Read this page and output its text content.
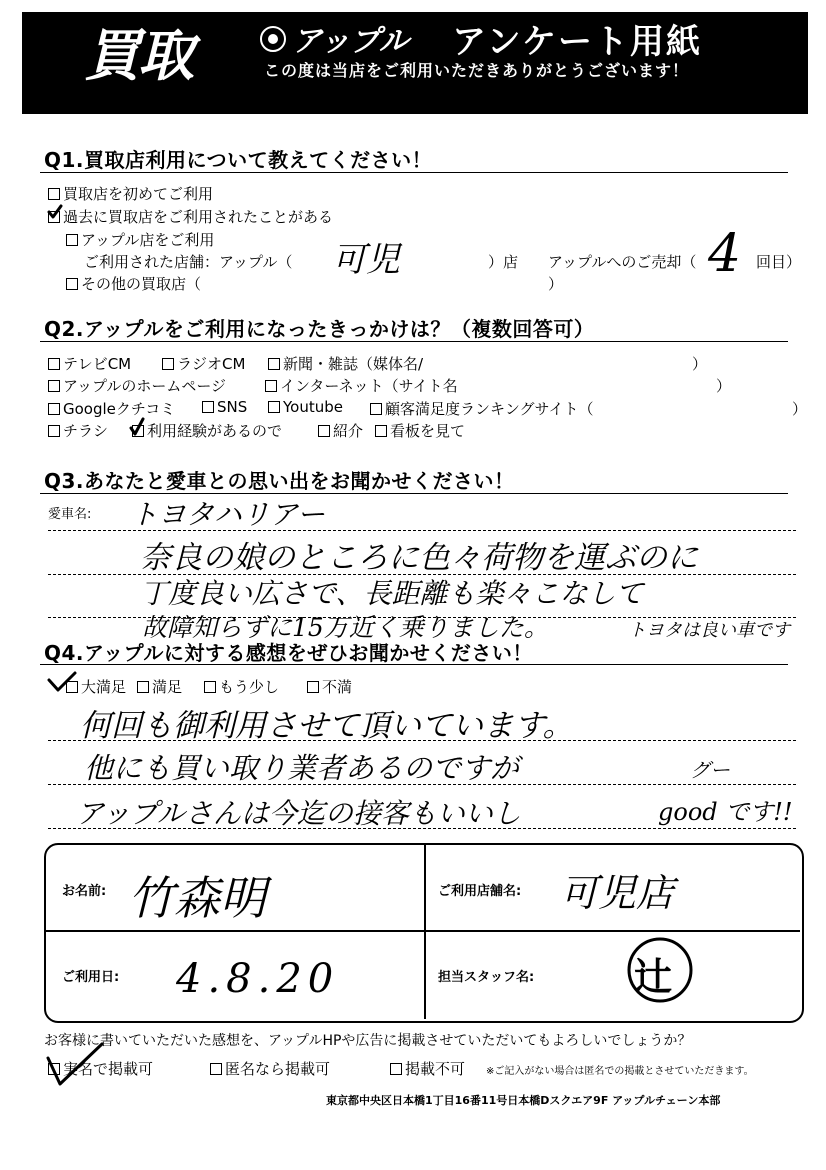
買取	アップル アンケート用紙
この度は当店をご利用いただきありがとうございます！
Q1.買取店利用について教えてください！
買取店を初めてご利用
過去に買取店をご利用されたことがある
アップル店をご利用
ご利用された店舗：アップル（ 可児	）店 アップルへのご売却（ 4 回目）
その他の買取店（	）
Q2.アップルをご利用になったきっかけは？（複数回答可）
テレビCM	ラジオCM	新聞・雑誌（媒体名/	）
アップルのホームページ	インターネット（サイト名	）
Googleクチコミ	SNS	Youtube	顧客満足度ランキングサイト（	）
チラシ	利用経験があるので	紹介	看板を見て
Q3.あなたと愛車との思い出をお聞かせください！
愛車名: トヨタハリアー
奈良の娘のところに色々荷物を運ぶのに
丁度良い広さで、長距離も楽々こなして
故障知らずに15万近く乗りました。	トヨタは良い車です
Q4.アップルに対する感想をぜひお聞かせください！
大満足	満足	もう少し	不満
何回も御利用させて頂いています。
他にも買い取り業者あるのですが	グー
アップルさんは今迄の接客もいいし	good です!!
お名前: 竹森明	ご利用店舗名: 可児店
ご利用日: 4.8.20	担当スタッフ名:	辻
お客様に書いていただいた感想を、アップルHPや広告に掲載させていただいてもよろしいでしょうか？
実名で掲載可	匿名なら掲載可	掲載不可 ※ご記入がない場合は匿名での掲載とさせていただきます。
東京都中央区日本橋1丁目16番11号日本橋Dスクエア9F アップルチェーン本部
